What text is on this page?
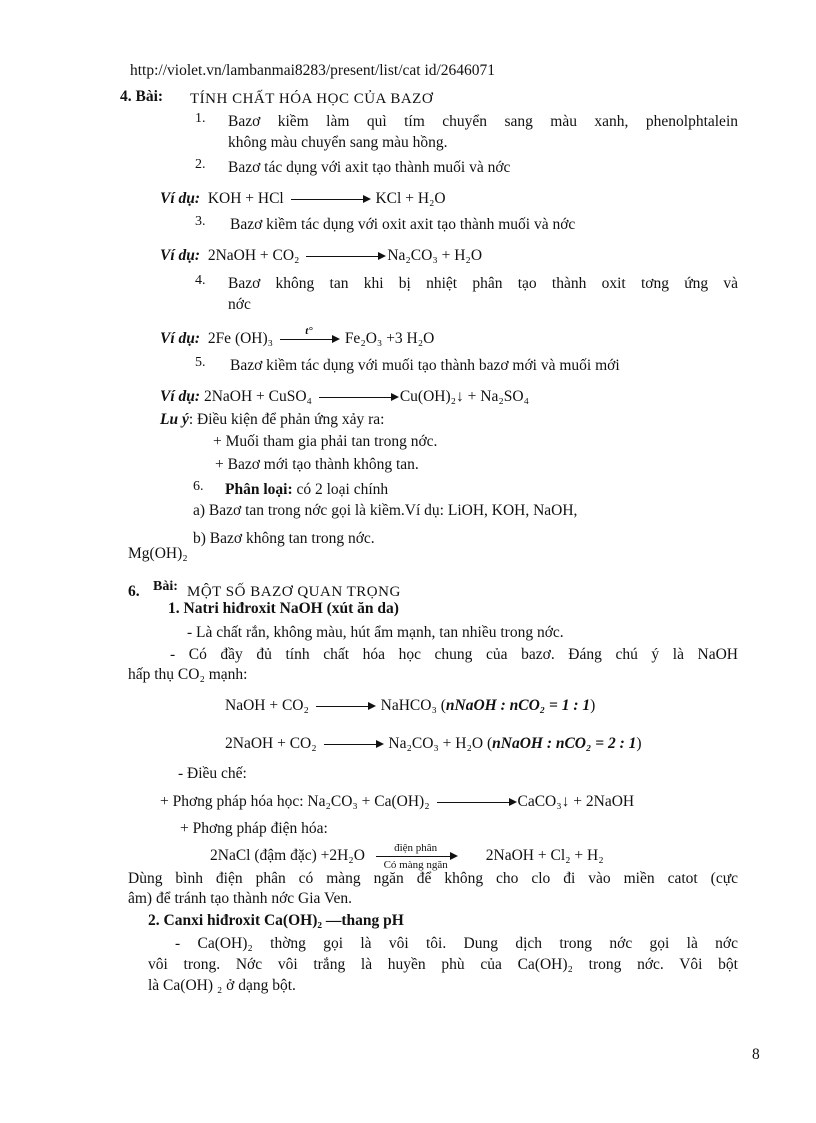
http://violet.vn/lambanmai8283/present/list/cat id/2646071
4. Bài: TÍNH CHẤT HÓA HỌC CỦA BAZƠ
1. Bazơ kiềm làm quì tím chuyển sang màu xanh, phenolphtalein
không màu chuyển sang màu hồng.
2. Bazơ tác dụng với axit tạo thành muối và nớc
Ví dụ: KOH + HCl	KCl + H₂O
3. Bazơ kiềm tác dụng với oxit axit tạo thành muối và nớc
Ví dụ: 2NaOH + CO₂	Na₂CO₃ + H₂O
4. Bazơ không tan khi bị nhiệt phân tạo thành oxit tơng ứng và
nớc
Ví dụ: 2Fe (OH)₃	t°	Fe₂O₃ +3 H₂O
5. Bazơ kiềm tác dụng với muối tạo thành bazơ mới và muối mới
Ví dụ: 2NaOH + CuSO₄	Cu(OH)₂↓ + Na₂SO₄
Lu ý: Điều kiện để phản ứng xảy ra:
+ Muối tham gia phải tan trong nớc.
+ Bazơ mới tạo thành không tan.
6. Phân loại: có 2 loại chính
a) Bazơ tan trong nớc gọi là kiềm.Ví dụ: LiOH, KOH, NaOH,
b) Bazơ không tan trong nớc.
Mg(OH)₂
6. Bài: MỘT SỐ BAZƠ QUAN TRỌNG
1. Natri hiđroxit NaOH (xút ăn da)
- Là chất rắn, không màu, hút ẩm mạnh, tan nhiều trong nớc.
- Có đầy đủ tính chất hóa học chung của bazơ. Đáng chú ý là NaOH
hấp thụ CO₂ mạnh:
NaOH + CO₂ → NaHCO₃ (nNaOH : nCO₂ = 1 : 1)
2NaOH + CO₂ → Na₂CO₃ + H₂O (nNaOH : nCO₂ = 2 : 1)
- Điều chế:
+ Phơng pháp hóa học: Na₂CO₃ + Ca(OH)₂	CaCO₃↓ + 2NaOH
+ Phơng pháp điện hóa:
2NaCl (đậm đặc) +2H₂O	điện phân
Có màng ngăn
2NaOH + Cl₂ + H₂
Dùng bình điện phân có màng ngăn để không cho clo đi vào miền catot (cực
âm) để tránh tạo thành nớc Gia Ven.
2. Canxi hiđroxit Ca(OH)₂ —thang pH
- Ca(OH)₂ thờng gọi là vôi tôi. Dung dịch trong nớc gọi là nớc
vôi trong. Nớc vôi trắng là huyền phù của Ca(OH)₂ trong nớc. Vôi bột
là Ca(OH) ₂ ở dạng bột.
8
